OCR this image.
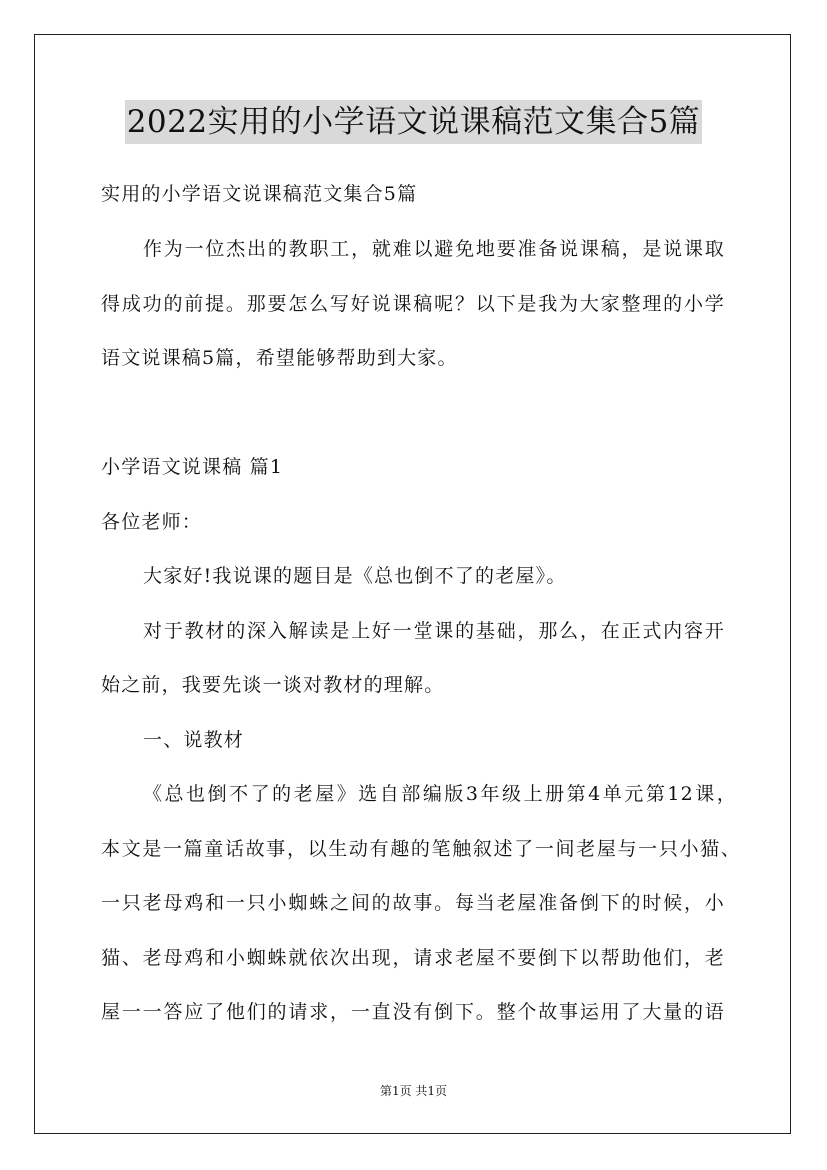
2022实用的小学语文说课稿范文集合5篇
实用的小学语文说课稿范文集合5篇
作为一位杰出的教职工，就难以避免地要准备说课稿，是说课取
得成功的前提。那要怎么写好说课稿呢？以下是我为大家整理的小学
语文说课稿5篇，希望能够帮助到大家。
小学语文说课稿 篇1
各位老师：
大家好!我说课的题目是《总也倒不了的老屋》。
对于教材的深入解读是上好一堂课的基础，那么，在正式内容开
始之前，我要先谈一谈对教材的理解。
一、说教材
《总也倒不了的老屋》选自部编版3年级上册第4单元第12课，
本文是一篇童话故事，以生动有趣的笔触叙述了一间老屋与一只小猫、
一只老母鸡和一只小蜘蛛之间的故事。每当老屋准备倒下的时候，小
猫、老母鸡和小蜘蛛就依次出现，请求老屋不要倒下以帮助他们，老
屋一一答应了他们的请求，一直没有倒下。整个故事运用了大量的语
第1页 共1页
